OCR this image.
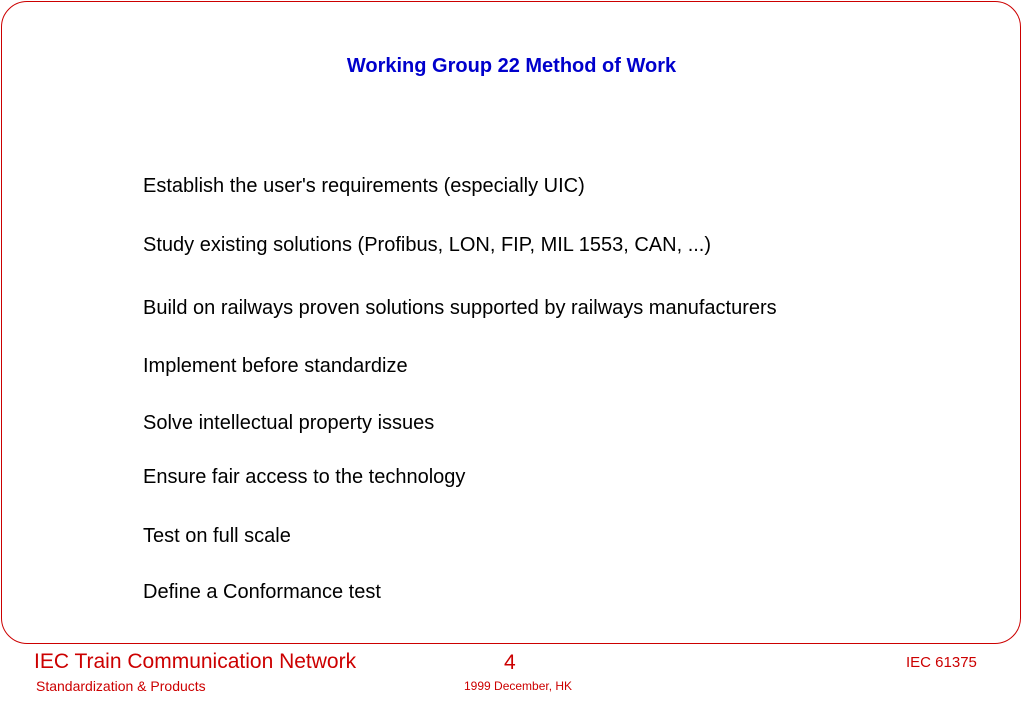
Working Group 22 Method of Work
Establish the user's requirements (especially UIC)
Study existing solutions (Profibus, LON, FIP, MIL 1553, CAN, ...)
Build on railways proven solutions supported by railways manufacturers
Implement before standardize
Solve intellectual property issues
Ensure fair access to the technology
Test on full scale
Define a Conformance test
IEC Train Communication Network
Standardization & Products
4
1999 December, HK
IEC 61375
